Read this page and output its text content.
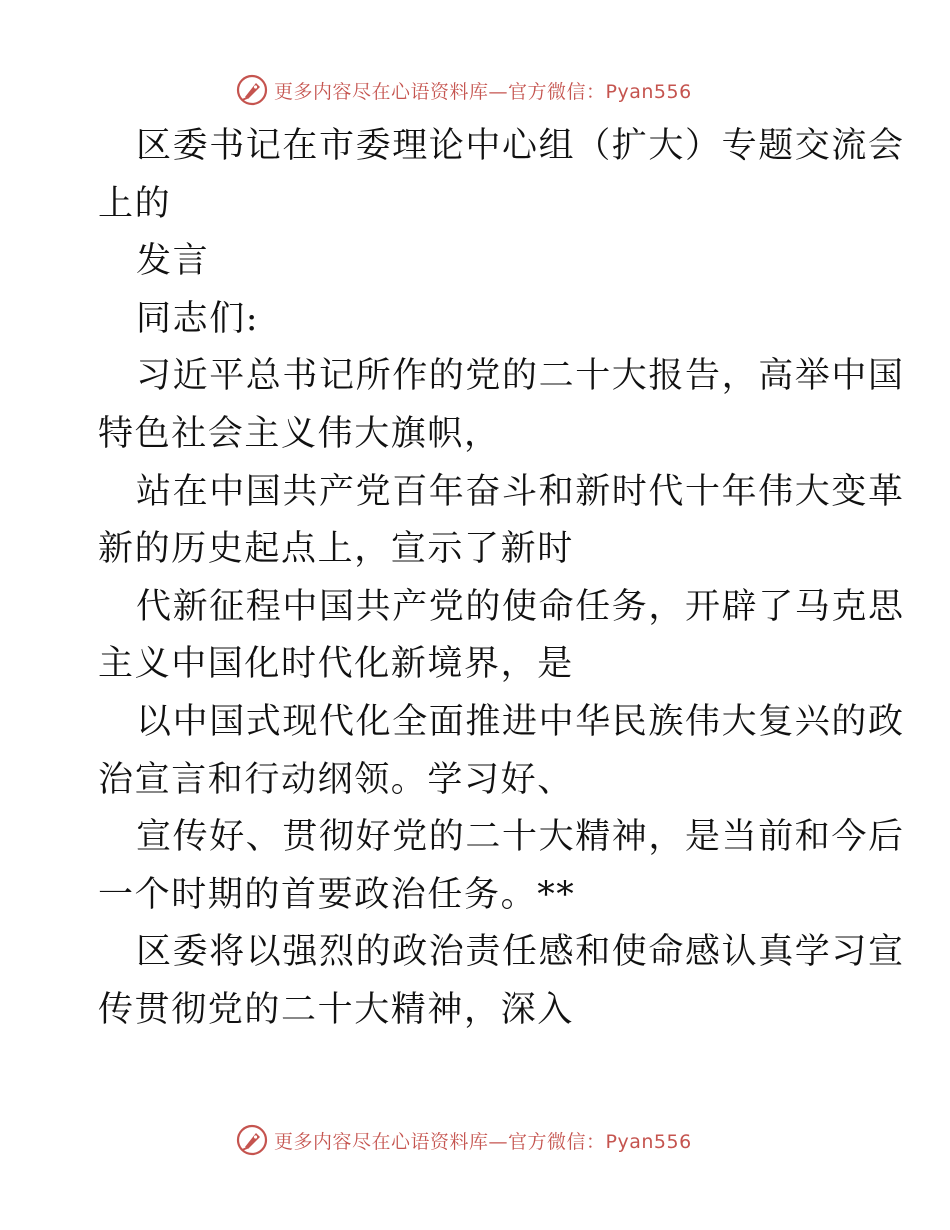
更多内容尽在心语资料库—官方微信：Pyan556
区委书记在市委理论中心组（扩大）专题交流会
上的
发言
同志们:
习近平总书记所作的党的二十大报告，高举中国
特色社会主义伟大旗帜，
站在中国共产党百年奋斗和新时代十年伟大变革
新的历史起点上，宣示了新时
代新征程中国共产党的使命任务，开辟了马克思
主义中国化时代化新境界，是
以中国式现代化全面推进中华民族伟大复兴的政
治宣言和行动纲领。学习好、
宣传好、贯彻好党的二十大精神，是当前和今后
一个时期的首要政治任务。**
区委将以强烈的政治责任感和使命感认真学习宣
传贯彻党的二十大精神，深入
更多内容尽在心语资料库—官方微信：Pyan556
